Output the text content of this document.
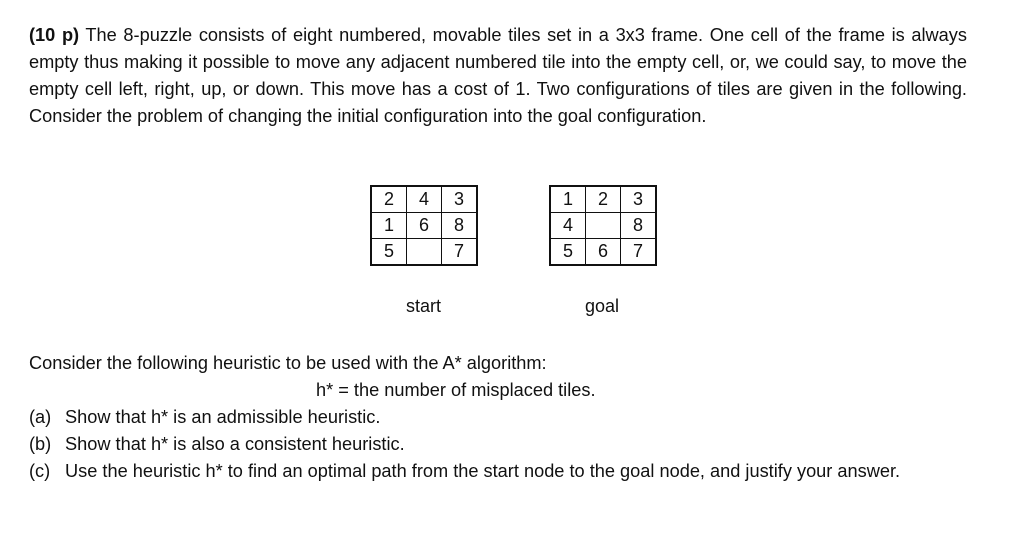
(10 p) The 8-puzzle consists of eight numbered, movable tiles set in a 3x3 frame. One cell of the frame is always empty thus making it possible to move any adjacent numbered tile into the empty cell, or, we could say, to move the empty cell left, right, up, or down. This move has a cost of 1. Two configurations of tiles are given in the following. Consider the problem of changing the initial configuration into the goal configuration.

2	4	3
1	6	8
5		7
1	2	3
4		8
5	6	7
start	goal

Consider the following heuristic to be used with the A* algorithm:

h* = the number of misplaced tiles.

(a) Show that h* is an admissible heuristic.
(b) Show that h* is also a consistent heuristic.
(c) Use the heuristic h* to find an optimal path from the start node to the goal node, and justify your answer.
